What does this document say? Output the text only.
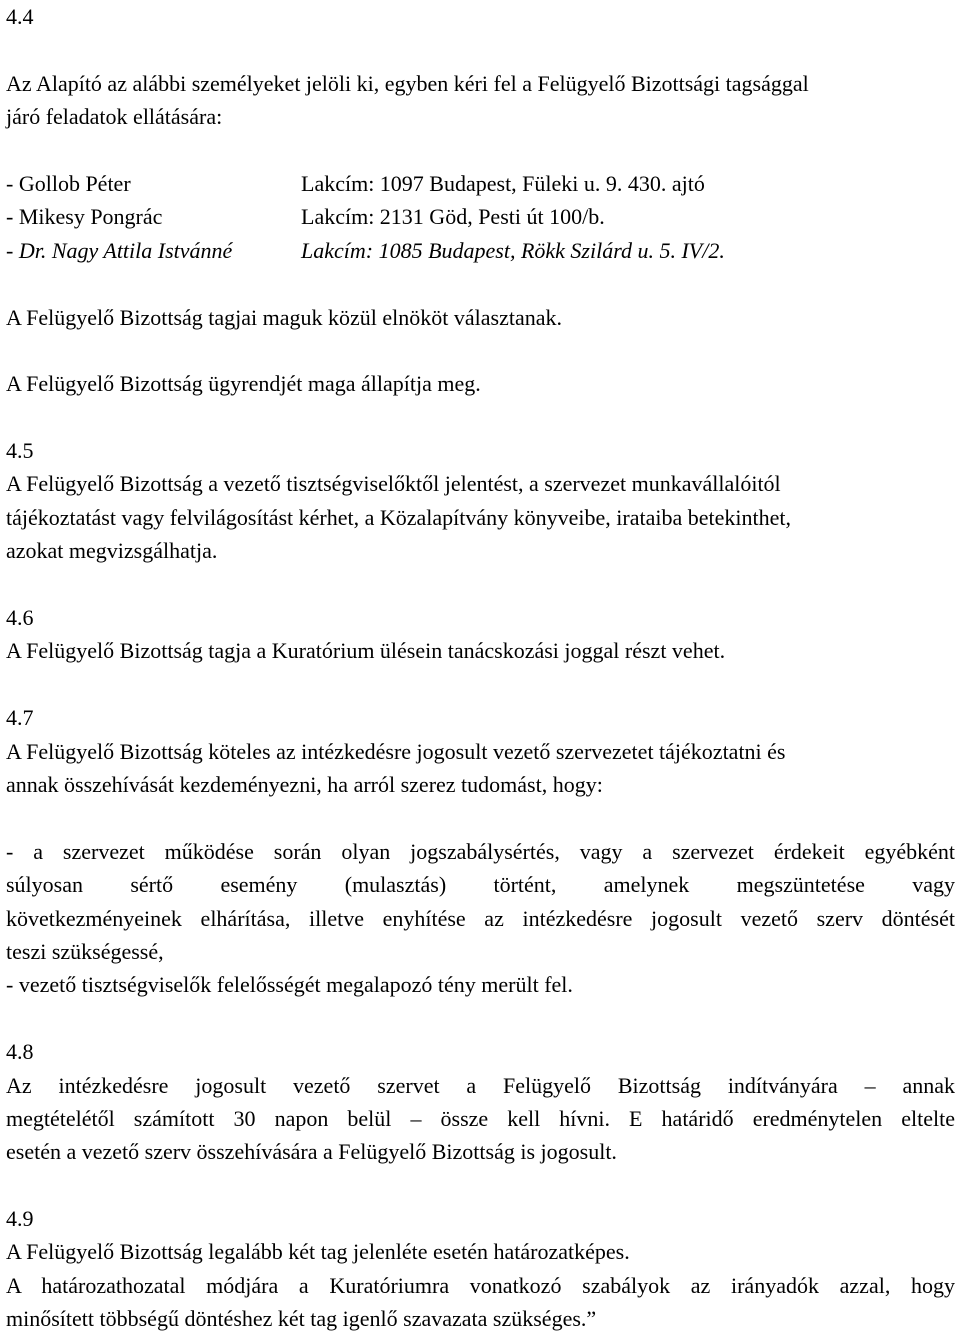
4.4
Az Alapító az alábbi személyeket jelöli ki, egyben kéri fel a Felügyelő Bizottsági tagsággal
járó feladatok ellátására:
- Gollob Péter	Lakcím: 1097 Budapest, Füleki u. 9. 430. ajtó
- Mikesy Pongrác	Lakcím: 2131 Göd, Pesti út 100/b.
- Dr. Nagy Attila Istvánné	Lakcím: 1085 Budapest, Rökk Szilárd u. 5. IV/2.
A Felügyelő Bizottság tagjai maguk közül elnököt választanak.
A Felügyelő Bizottság ügyrendjét maga állapítja meg.
4.5
A Felügyelő Bizottság a vezető tisztségviselőktől jelentést, a szervezet munkavállalóitól
tájékoztatást vagy felvilágosítást kérhet, a Közalapítvány könyveibe, irataiba betekinthet,
azokat megvizsgálhatja.
4.6
A Felügyelő Bizottság tagja a Kuratórium ülésein tanácskozási joggal részt vehet.
4.7
A Felügyelő Bizottság köteles az intézkedésre jogosult vezető szervezetet tájékoztatni és
annak összehívását kezdeményezni, ha arról szerez tudomást, hogy:
- a szervezet működése során olyan jogszabálysértés, vagy a szervezet érdekeit egyébként
súlyosan sértő esemény (mulasztás) történt, amelynek megszüntetése vagy
következményeinek elhárítása, illetve enyhítése az intézkedésre jogosult vezető szerv döntését
teszi szükségessé,
- vezető tisztségviselők felelősségét megalapozó tény merült fel.
4.8
Az intézkedésre jogosult vezető szervet a Felügyelő Bizottság indítványára – annak
megtételétől számított 30 napon belül – össze kell hívni. E határidő eredménytelen eltelte
esetén a vezető szerv összehívására a Felügyelő Bizottság is jogosult.
4.9
A Felügyelő Bizottság legalább két tag jelenléte esetén határozatképes.
A határozathozatal módjára a Kuratóriumra vonatkozó szabályok az irányadók azzal, hogy
minősített többségű döntéshez két tag igenlő szavazata szükséges.”
